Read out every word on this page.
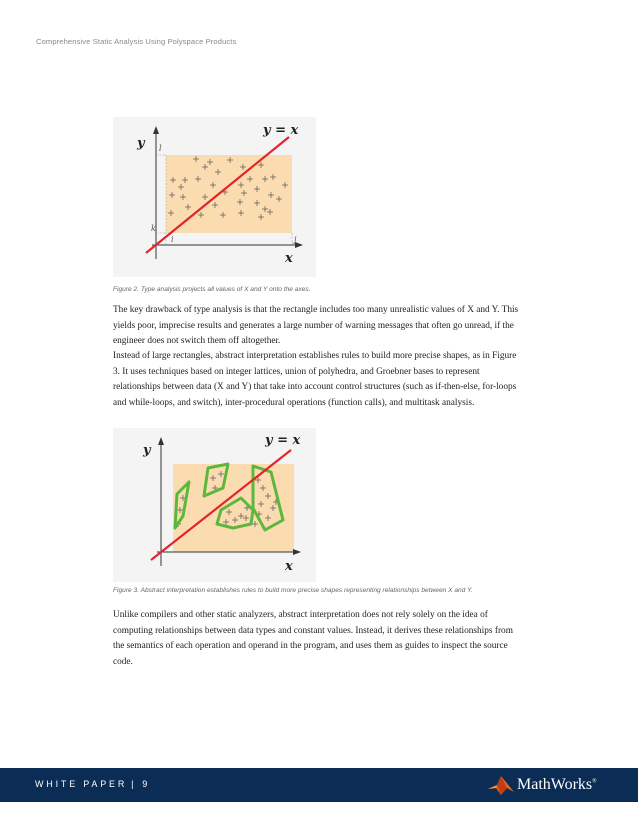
Comprehensive Static Analysis Using Polyspace Products
y = x
y
x
l
k
i	j
Figure 2. Type analysis projects all values of X and Y onto the axes.

The key drawback of type analysis is that the rectangle includes too many unrealistic values of X and Y. This yields poor, imprecise results and generates a large number of warning messages that often go unread, if the engineer does not switch them off altogether.

Instead of large rectangles, abstract interpretation establishes rules to build more precise shapes, as in Figure 3. It uses techniques based on integer lattices, union of polyhedra, and Groebner bases to represent relationships between data (X and Y) that take into account control structures (such as if-then-else, for-loops and while-loops, and switch), inter-procedural operations (function calls), and multitask analysis.

y = x
y
x
Figure 3. Abstract interpretation establishes rules to build more precise shapes representing relationships between X and Y.

Unlike compilers and other static analyzers, abstract interpretation does not rely solely on the idea of computing relationships between data types and constant values. Instead, it derives these relationships from the semantics of each operation and operand in the program, and uses them as guides to inspect the source code.

WHITE PAPER | 9	MathWorks®
